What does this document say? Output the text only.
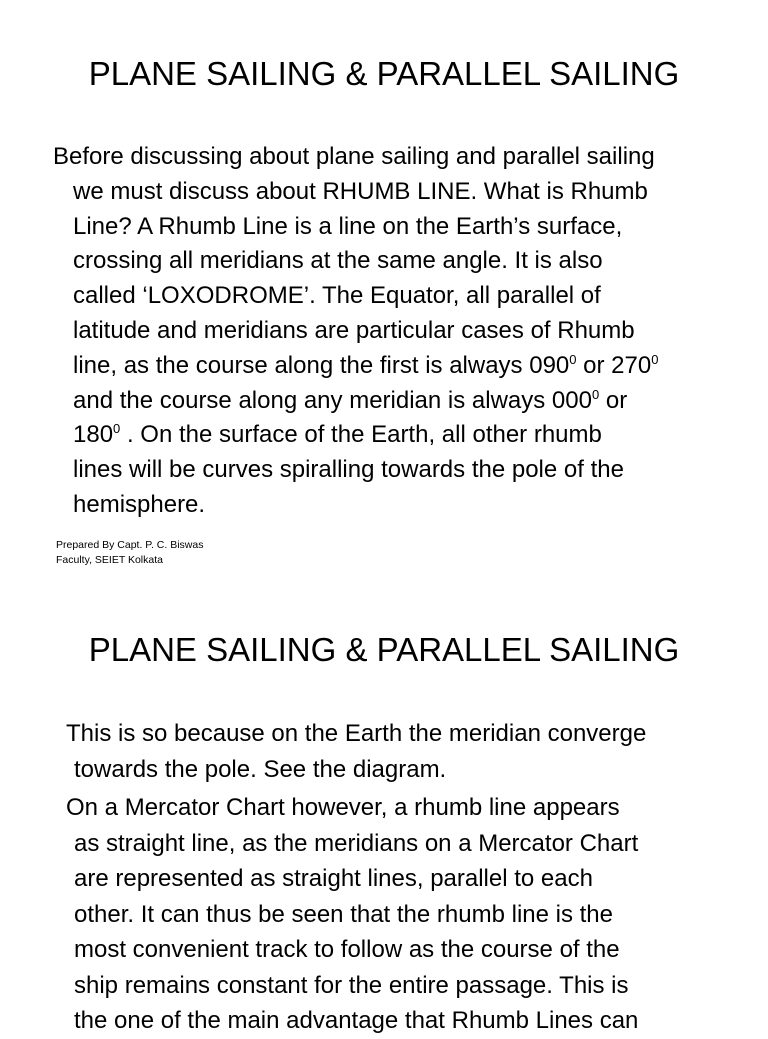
PLANE SAILING & PARALLEL SAILING
Before discussing about plane sailing and parallel sailing
we must discuss about RHUMB LINE. What is Rhumb
Line? A Rhumb Line is a line on the Earth’s surface,
crossing all meridians at the same angle. It is also
called ‘LOXODROME’. The Equator, all parallel of
latitude and meridians are particular cases of Rhumb
line, as the course along the first is always $090^0$ or $270^0$
and the course along any meridian is always $000^0$ or
$180^0$ . On the surface of the Earth, all other rhumb
lines will be curves spiralling towards the pole of the
hemisphere.
Prepared By Capt. P. C. Biswas
Faculty, SEIET Kolkata
PLANE SAILING & PARALLEL SAILING
This is so because on the Earth the meridian converge
towards the pole. See the diagram.
On a Mercator Chart however, a rhumb line appears
as straight line, as the meridians on a Mercator Chart
are represented as straight lines, parallel to each
other. It can thus be seen that the rhumb line is the
most convenient track to follow as the course of the
ship remains constant for the entire passage. This is
the one of the main advantage that Rhumb Lines can
